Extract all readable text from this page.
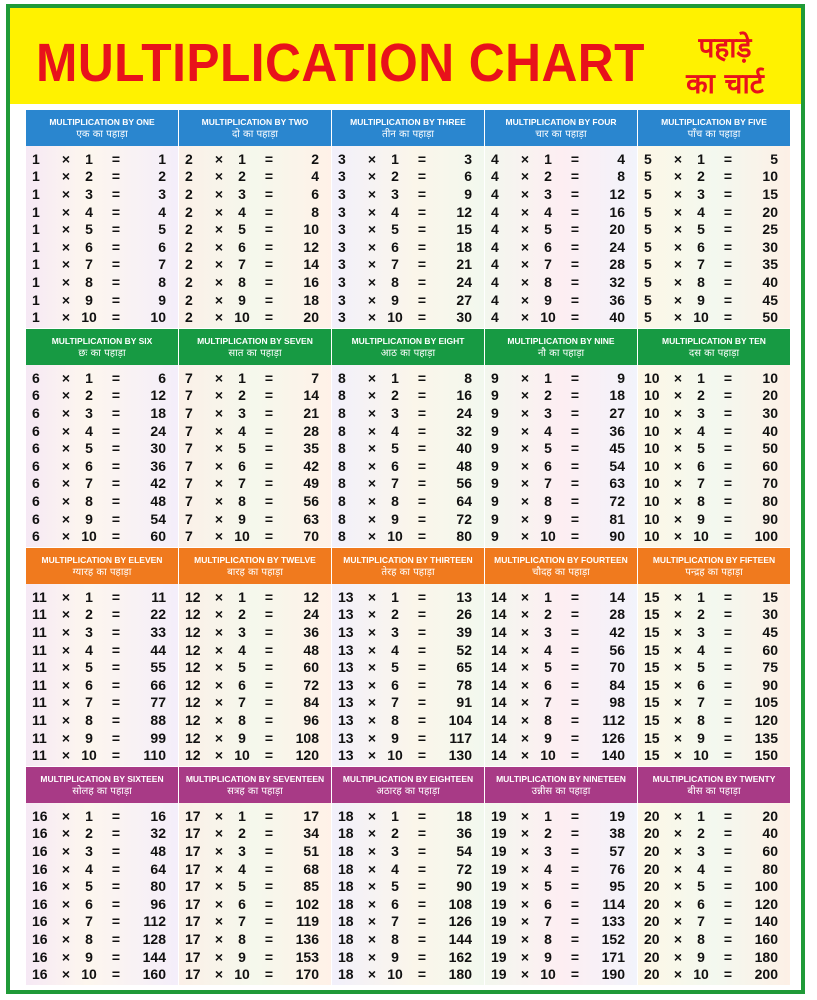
MULTIPLICATION CHART	पहाड़े
का चार्ट
MULTIPLICATION BY ONE
एक का पहाड़ा
1	×	1	=	1
1	×	2	=	2
1	×	3	=	3
1	×	4	=	4
1	×	5	=	5
1	×	6	=	6
1	×	7	=	7
1	×	8	=	8
1	×	9	=	9
1	× 10	=	10
MULTIPLICATION BY TWO
दो का पहाड़ा
2	×	1	=	2
2	×	2	=	4
2	×	3	=	6
2	×	4	=	8
2	×	5	=	10
2	×	6	=	12
2	×	7	=	14
2	×	8	=	16
2	×	9	=	18
2	× 10	=	20
MULTIPLICATION BY THREE
तीन का पहाड़ा
3	×	1	=	3
3	×	2	=	6
3	×	3	=	9
3	×	4	=	12
3	×	5	=	15
3	×	6	=	18
3	×	7	=	21
3	×	8	=	24
3	×	9	=	27
3	× 10	=	30
MULTIPLICATION BY FOUR
चार का पहाड़ा
4	×	1	=	4
4	×	2	=	8
4	×	3	=	12
4	×	4	=	16
4	×	5	=	20
4	×	6	=	24
4	×	7	=	28
4	×	8	=	32
4	×	9	=	36
4	× 10	=	40
MULTIPLICATION BY FIVE
पाँच का पहाड़ा
5	×	1	=	5
5	×	2	=	10
5	×	3	=	15
5	×	4	=	20
5	×	5	=	25
5	×	6	=	30
5	×	7	=	35
5	×	8	=	40
5	×	9	=	45
5	× 10	=	50
MULTIPLICATION BY SIX
छः का पहाड़ा
6	×	1	=	6
6	×	2	=	12
6	×	3	=	18
6	×	4	=	24
6	×	5	=	30
6	×	6	=	36
6	×	7	=	42
6	×	8	=	48
6	×	9	=	54
6	× 10	=	60
MULTIPLICATION BY SEVEN
सात का पहाड़ा
7	×	1	=	7
7	×	2	=	14
7	×	3	=	21
7	×	4	=	28
7	×	5	=	35
7	×	6	=	42
7	×	7	=	49
7	×	8	=	56
7	×	9	=	63
7	× 10	=	70
MULTIPLICATION BY EIGHT
आठ का पहाड़ा
8	×	1	=	8
8	×	2	=	16
8	×	3	=	24
8	×	4	=	32
8	×	5	=	40
8	×	6	=	48
8	×	7	=	56
8	×	8	=	64
8	×	9	=	72
8	× 10	=	80
MULTIPLICATION BY NINE
नौ का पहाड़ा
9	×	1	=	9
9	×	2	=	18
9	×	3	=	27
9	×	4	=	36
9	×	5	=	45
9	×	6	=	54
9	×	7	=	63
9	×	8	=	72
9	×	9	=	81
9	× 10	=	90
MULTIPLICATION BY TEN
दस का पहाड़ा
10	×	1	=	10
10	×	2	=	20
10	×	3	=	30
10	×	4	=	40
10	×	5	=	50
10	×	6	=	60
10	×	7	=	70
10	×	8	=	80
10	×	9	=	90
10	× 10	=	100
MULTIPLICATION BY ELEVEN
ग्यारह का पहाड़ा
11	×	1	=	11
11	×	2	=	22
11	×	3	=	33
11	×	4	=	44
11	×	5	=	55
11	×	6	=	66
11	×	7	=	77
11	×	8	=	88
11	×	9	=	99
11	× 10	=	110
MULTIPLICATION BY TWELVE
बारह का पहाड़ा
12	×	1	=	12
12	×	2	=	24
12	×	3	=	36
12	×	4	=	48
12	×	5	=	60
12	×	6	=	72
12	×	7	=	84
12	×	8	=	96
12	×	9	=	108
12	× 10	=	120
MULTIPLICATION BY THIRTEEN
तेरह का पहाड़ा
13	×	1	=	13
13	×	2	=	26
13	×	3	=	39
13	×	4	=	52
13	×	5	=	65
13	×	6	=	78
13	×	7	=	91
13	×	8	=	104
13	×	9	=	117
13	× 10	=	130
MULTIPLICATION BY FOURTEEN
चौदह का पहाड़ा
14	×	1	=	14
14	×	2	=	28
14	×	3	=	42
14	×	4	=	56
14	×	5	=	70
14	×	6	=	84
14	×	7	=	98
14	×	8	=	112
14	×	9	=	126
14	× 10	=	140
MULTIPLICATION BY FIFTEEN
पन्द्रह का पहाड़ा
15	×	1	=	15
15	×	2	=	30
15	×	3	=	45
15	×	4	=	60
15	×	5	=	75
15	×	6	=	90
15	×	7	=	105
15	×	8	=	120
15	×	9	=	135
15	× 10	=	150
MULTIPLICATION BY SIXTEEN
सोलह का पहाड़ा
16	×	1	=	16
16	×	2	=	32
16	×	3	=	48
16	×	4	=	64
16	×	5	=	80
16	×	6	=	96
16	×	7	=	112
16	×	8	=	128
16	×	9	=	144
16	× 10	=	160
MULTIPLICATION BY SEVENTEEN
सत्रह का पहाड़ा
17	×	1	=	17
17	×	2	=	34
17	×	3	=	51
17	×	4	=	68
17	×	5	=	85
17	×	6	=	102
17	×	7	=	119
17	×	8	=	136
17	×	9	=	153
17	× 10	=	170
MULTIPLICATION BY EIGHTEEN
अठारह का पहाड़ा
18	×	1	=	18
18	×	2	=	36
18	×	3	=	54
18	×	4	=	72
18	×	5	=	90
18	×	6	=	108
18	×	7	=	126
18	×	8	=	144
18	×	9	=	162
18	× 10	=	180
MULTIPLICATION BY NINETEEN
उन्नीस का पहाड़ा
19	×	1	=	19
19	×	2	=	38
19	×	3	=	57
19	×	4	=	76
19	×	5	=	95
19	×	6	=	114
19	×	7	=	133
19	×	8	=	152
19	×	9	=	171
19	× 10	=	190
MULTIPLICATION BY TWENTY
बीस का पहाड़ा
20	×	1	=	20
20	×	2	=	40
20	×	3	=	60
20	×	4	=	80
20	×	5	=	100
20	×	6	=	120
20	×	7	=	140
20	×	8	=	160
20	×	9	=	180
20	× 10	=	200
